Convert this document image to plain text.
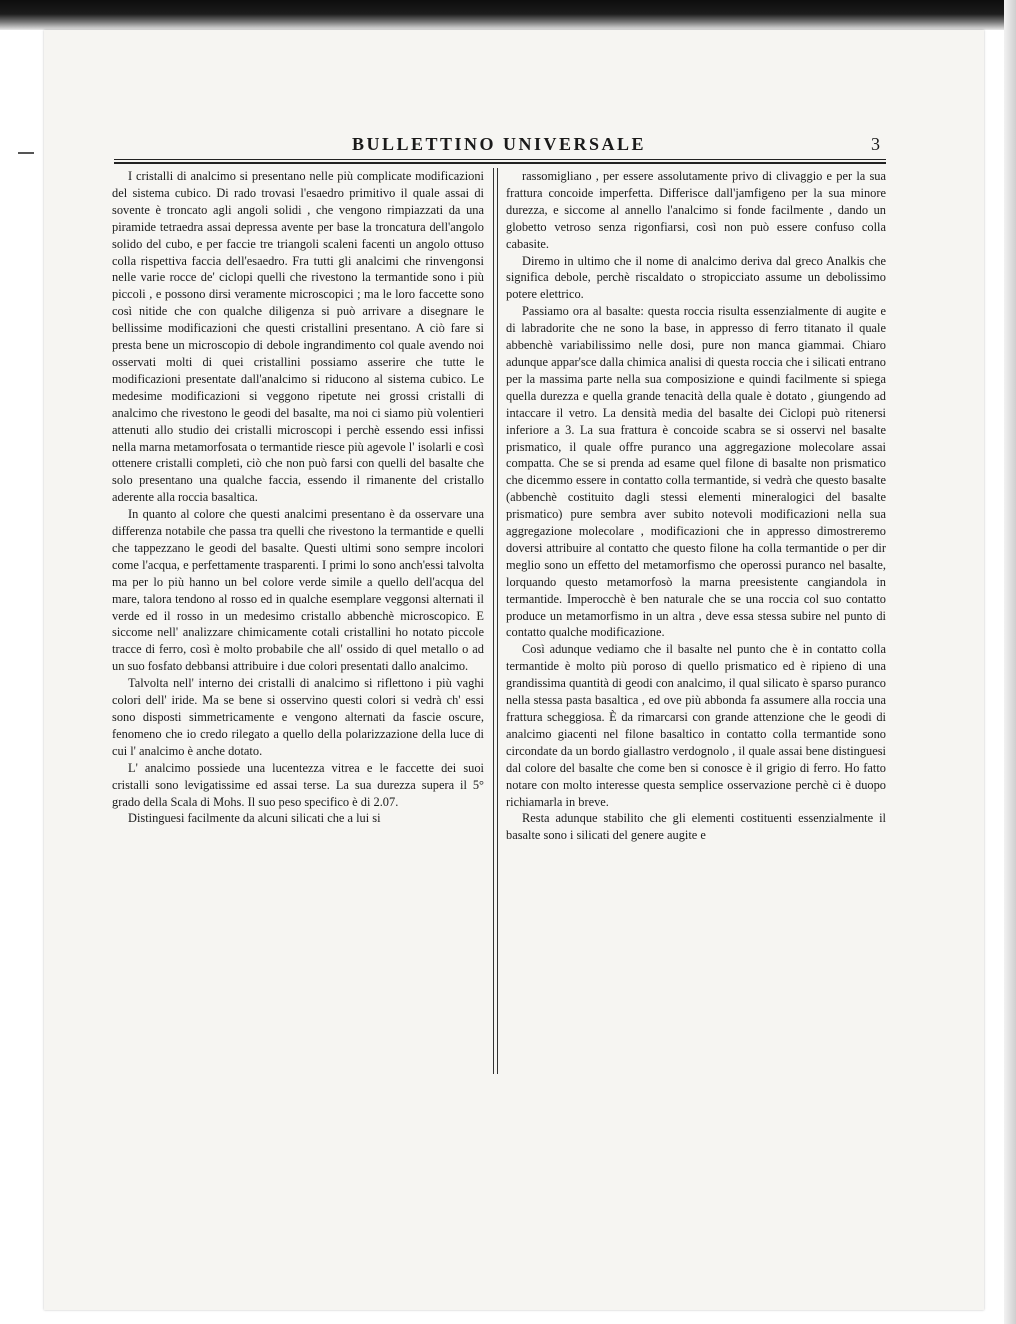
BULLETTINO UNIVERSALE	3

I cristalli di analcimo si presentano nelle più complicate modificazioni del sistema cubico. Di rado trovasi l'esaedro primitivo il quale assai di sovente è troncato agli angoli solidi , che vengono rimpiazzati da una piramide tetraedra assai depressa avente per base la troncatura dell'angolo solido del cubo, e per faccie tre triangoli scaleni facenti un angolo ottuso colla rispettiva faccia dell'esaedro. Fra tutti gli analcimi che rinvengonsi nelle varie rocce de' ciclopi quelli che rivestono la termantide sono i più piccoli , e possono dirsi veramente microscopici ; ma le loro faccette sono così nitide che con qualche diligenza si può arrivare a disegnare le bellissime modificazioni che questi cristallini presentano. A ciò fare si presta bene un microscopio di debole ingrandimento col quale avendo noi osservati molti di quei cristallini possiamo asserire che tutte le modificazioni presentate dall'analcimo si riducono al sistema cubico. Le medesime modificazioni si veggono ripetute nei grossi cristalli di analcimo che rivestono le geodi del basalte, ma noi ci siamo più volentieri attenuti allo studio dei cristalli microscopi i perchè essendo essi infissi nella marna metamorfosata o termantide riesce più agevole l' isolarli e così ottenere cristalli completi, ciò che non può farsi con quelli del basalte che solo presentano una qualche faccia, essendo il rimanente del cristallo aderente alla roccia basaltica.

In quanto al colore che questi analcimi presentano è da osservare una differenza notabile che passa tra quelli che rivestono la termantide e quelli che tappezzano le geodi del basalte. Questi ultimi sono sempre incolori come l'acqua, e perfettamente trasparenti. I primi lo sono anch'essi talvolta ma per lo più hanno un bel colore verde simile a quello dell'acqua del mare, talora tendono al rosso ed in qualche esemplare veggonsi alternati il verde ed il rosso in un medesimo cristallo abbenchè microscopico. E siccome nell' analizzare chimicamente cotali cristallini ho notato piccole tracce di ferro, così è molto probabile che all' ossido di quel metallo o ad un suo fosfato debbansi attribuire i due colori presentati dallo analcimo.

Talvolta nell' interno dei cristalli di analcimo si riflettono i più vaghi colori dell' iride. Ma se bene si osservino questi colori si vedrà ch' essi sono disposti simmetricamente e vengono alternati da fascie oscure, fenomeno che io credo rilegato a quello della polarizzazione della luce di cui l' analcimo è anche dotato.

L' analcimo possiede una lucentezza vitrea e le faccette dei suoi cristalli sono levigatissime ed assai terse. La sua durezza supera il 5° grado della Scala di Mohs. Il suo peso specifico è di 2.07.

Distinguesi facilmente da alcuni silicati che a lui si

rassomigliano , per essere assolutamente privo di clivaggio e per la sua frattura concoide imperfetta. Differisce dall'jamfigeno per la sua minore durezza, e siccome al annello l'analcimo si fonde facilmente , dando un globetto vetroso senza rigonfiarsi, così non può essere confuso colla cabasite.

Diremo in ultimo che il nome di analcimo deriva dal greco Analkis che significa debole, perchè riscaldato o stropicciato assume un debolissimo potere elettrico.

Passiamo ora al basalte: questa roccia risulta essenzialmente di augite e di labradorite che ne sono la base, in appresso di ferro titanato il quale abbenchè variabilissimo nelle dosi, pure non manca giammai. Chiaro adunque appar'sce dalla chimica analisi di questa roccia che i silicati entrano per la massima parte nella sua composizione e quindi facilmente si spiega quella durezza e quella grande tenacità della quale è dotato , giungendo ad intaccare il vetro. La densità media del basalte dei Ciclopi può ritenersi inferiore a 3. La sua frattura è concoide scabra se si osservi nel basalte prismatico, il quale offre puranco una aggregazione molecolare assai compatta. Che se si prenda ad esame quel filone di basalte non prismatico che dicemmo essere in contatto colla termantide, si vedrà che questo basalte (abbenchè costituito dagli stessi elementi mineralogici del basalte prismatico) pure sembra aver subito notevoli modificazioni nella sua aggregazione molecolare , modificazioni che in appresso dimostreremo doversi attribuire al contatto che questo filone ha colla termantide o per dir meglio sono un effetto del metamorfismo che operossi puranco nel basalte, lorquando questo metamorfosò la marna preesistente cangiandola in termantide. Imperocchè è ben naturale che se una roccia col suo contatto produce un metamorfismo in un altra , deve essa stessa subire nel punto di contatto qualche modificazione.

Così adunque vediamo che il basalte nel punto che è in contatto colla termantide è molto più poroso di quello prismatico ed è ripieno di una grandissima quantità di geodi con analcimo, il qual silicato è sparso puranco nella stessa pasta basaltica , ed ove più abbonda fa assumere alla roccia una frattura scheggiosa. È da rimarcarsi con grande attenzione che le geodi di analcimo giacenti nel filone basaltico in contatto colla termantide sono circondate da un bordo giallastro verdognolo , il quale assai bene distinguesi dal colore del basalte che come ben si conosce è il grigio di ferro. Ho fatto notare con molto interesse questa semplice osservazione perchè ci è duopo richiamarla in breve.

Resta adunque stabilito che gli elementi costituenti essenzialmente il basalte sono i silicati del genere augite e
